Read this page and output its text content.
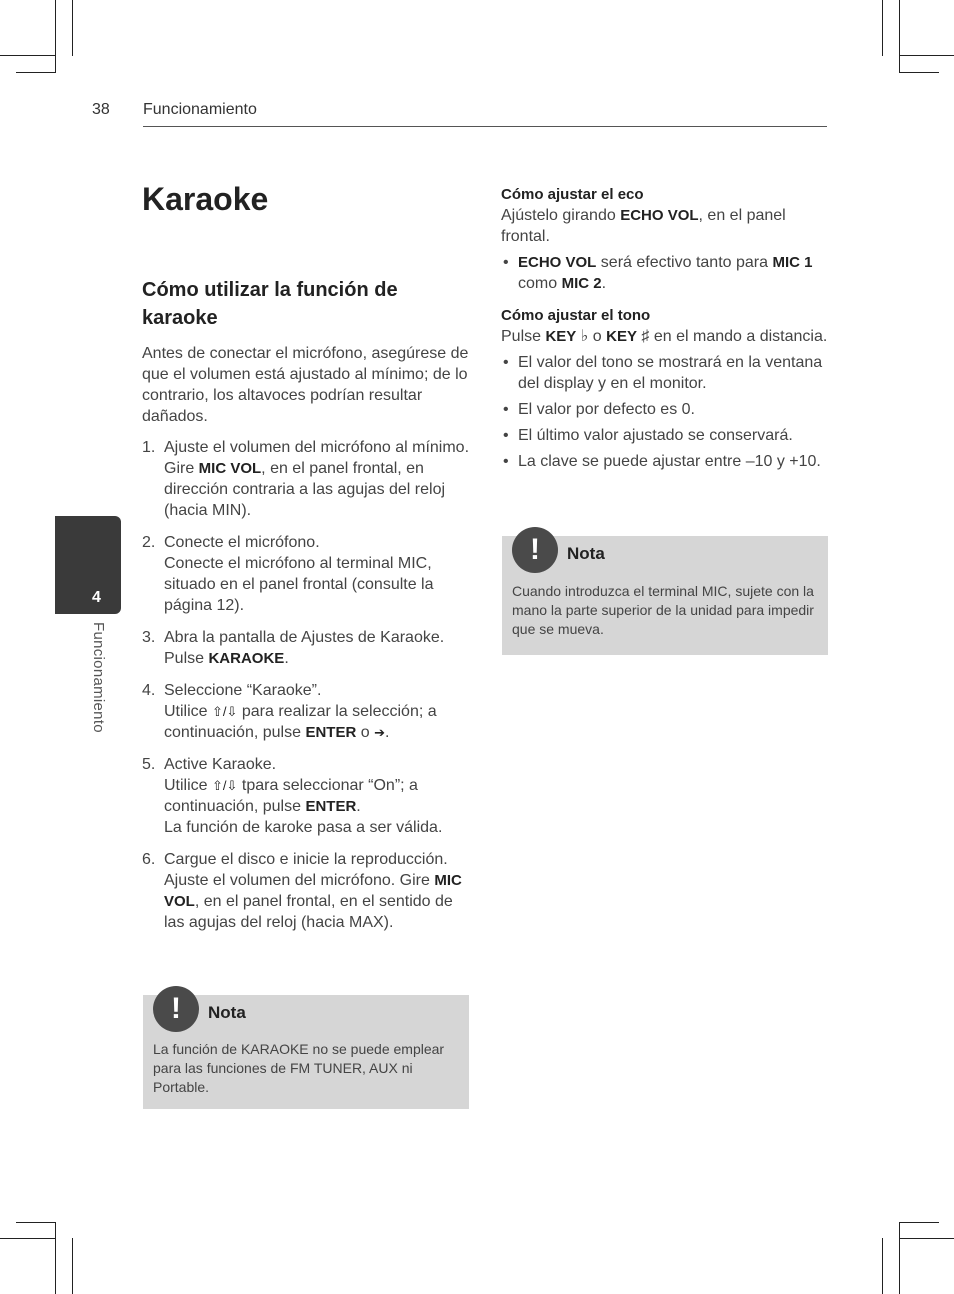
38 Funcionamiento
4
Funcionamiento
Karaoke
Cómo utilizar la función de karaoke

Antes de conectar el micrófono, asegúrese de que el volumen está ajustado al mínimo; de lo contrario, los altavoces podrían resultar dañados.

1. Ajuste el volumen del micrófono al mínimo.
Gire MIC VOL, en el panel frontal, en dirección contraria a las agujas del reloj (hacia MIN).
2. Conecte el micrófono.
Conecte el micrófono al terminal MIC, situado en el panel frontal (consulte la página 12).
3. Abra la pantalla de Ajustes de Karaoke.
Pulse KARAOKE.
4. Seleccione “Karaoke”.
Utilice ⇧/⇩ para realizar la selección; a continuación, pulse ENTER o ➔.
5. Active Karaoke.
Utilice ⇧/⇩ tpara seleccionar “On”; a continuación, pulse ENTER.
La función de karoke pasa a ser válida.
6. Cargue el disco e inicie la reproducción. Ajuste el volumen del micrófono. Gire MIC VOL, en el panel frontal, en el sentido de las agujas del reloj (hacia MAX).
!	Nota
La función de KARAOKE no se puede emplear para las funciones de FM TUNER, AUX ni Portable.
Cómo ajustar el eco
Ajústelo girando ECHO VOL, en el panel frontal.
• ECHO VOL será efectivo tanto para MIC 1 como MIC 2.
Cómo ajustar el tono
Pulse KEY ♭ o KEY ♯ en el mando a distancia.
• El valor del tono se mostrará en la ventana del display y en el monitor.
• El valor por defecto es 0.
• El último valor ajustado se conservará.
• La clave se puede ajustar entre –10 y +10.
!	Nota
Cuando introduzca el terminal MIC, sujete con la mano la parte superior de la unidad para impedir que se mueva.
